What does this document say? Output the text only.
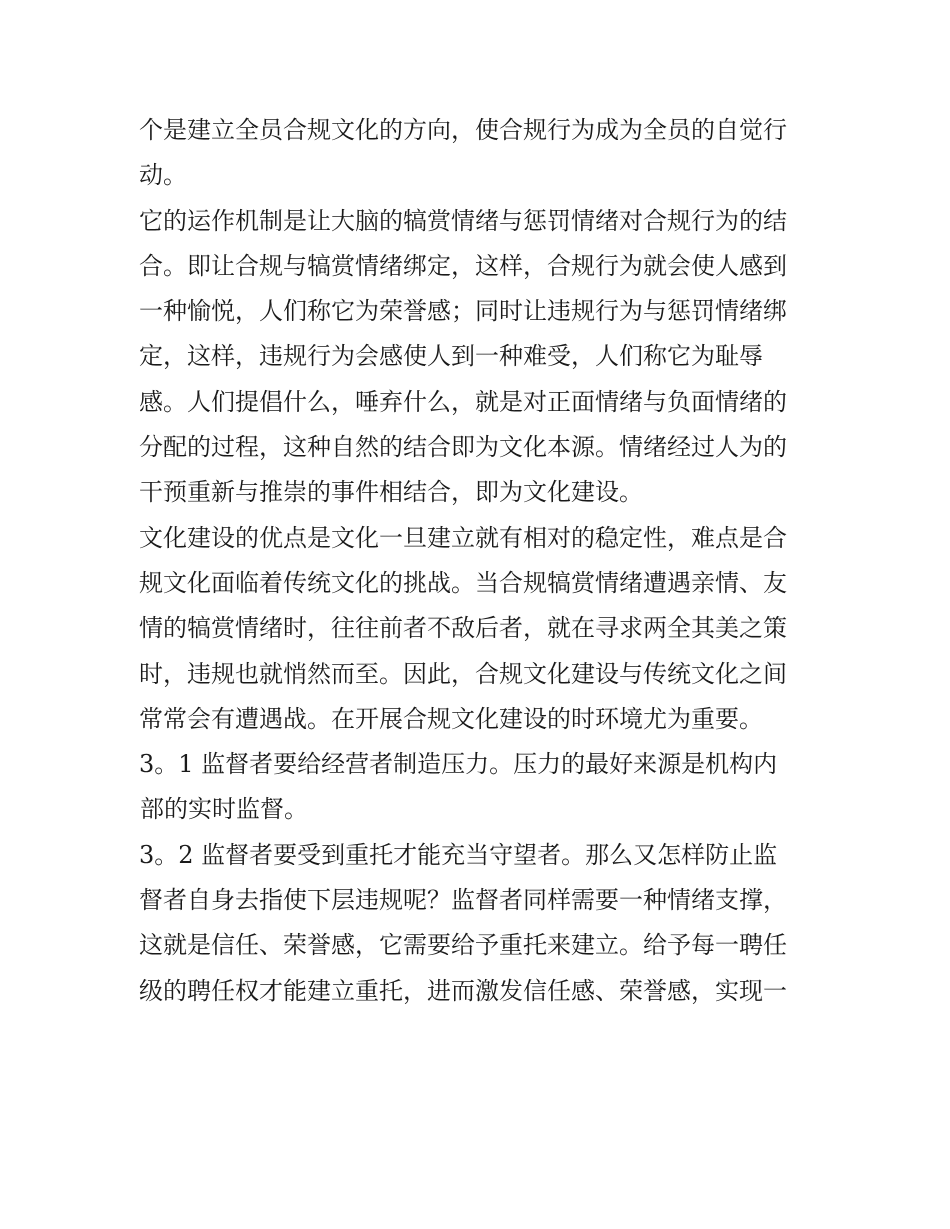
个是建立全员合规文化的方向，使合规行为成为全员的自觉行
动。
它的运作机制是让大脑的犒赏情绪与惩罚情绪对合规行为的结
合。即让合规与犒赏情绪绑定，这样，合规行为就会使人感到
一种愉悦，人们称它为荣誉感；同时让违规行为与惩罚情绪绑
定，这样，违规行为会感使人到一种难受，人们称它为耻辱
感。人们提倡什么，唾弃什么，就是对正面情绪与负面情绪的
分配的过程，这种自然的结合即为文化本源。情绪经过人为的
干预重新与推崇的事件相结合，即为文化建设。
文化建设的优点是文化一旦建立就有相对的稳定性，难点是合
规文化面临着传统文化的挑战。当合规犒赏情绪遭遇亲情、友
情的犒赏情绪时，往往前者不敌后者，就在寻求两全其美之策
时，违规也就悄然而至。因此，合规文化建设与传统文化之间
常常会有遭遇战。在开展合规文化建设的时环境尤为重要。
3。1 监督者要给经营者制造压力。压力的最好来源是机构内
部的实时监督。
3。2 监督者要受到重托才能充当守望者。那么又怎样防止监
督者自身去指使下层违规呢？监督者同样需要一种情绪支撑，
这就是信任、荣誉感，它需要给予重托来建立。给予每一聘任
级的聘任权才能建立重托，进而激发信任感、荣誉感，实现一
